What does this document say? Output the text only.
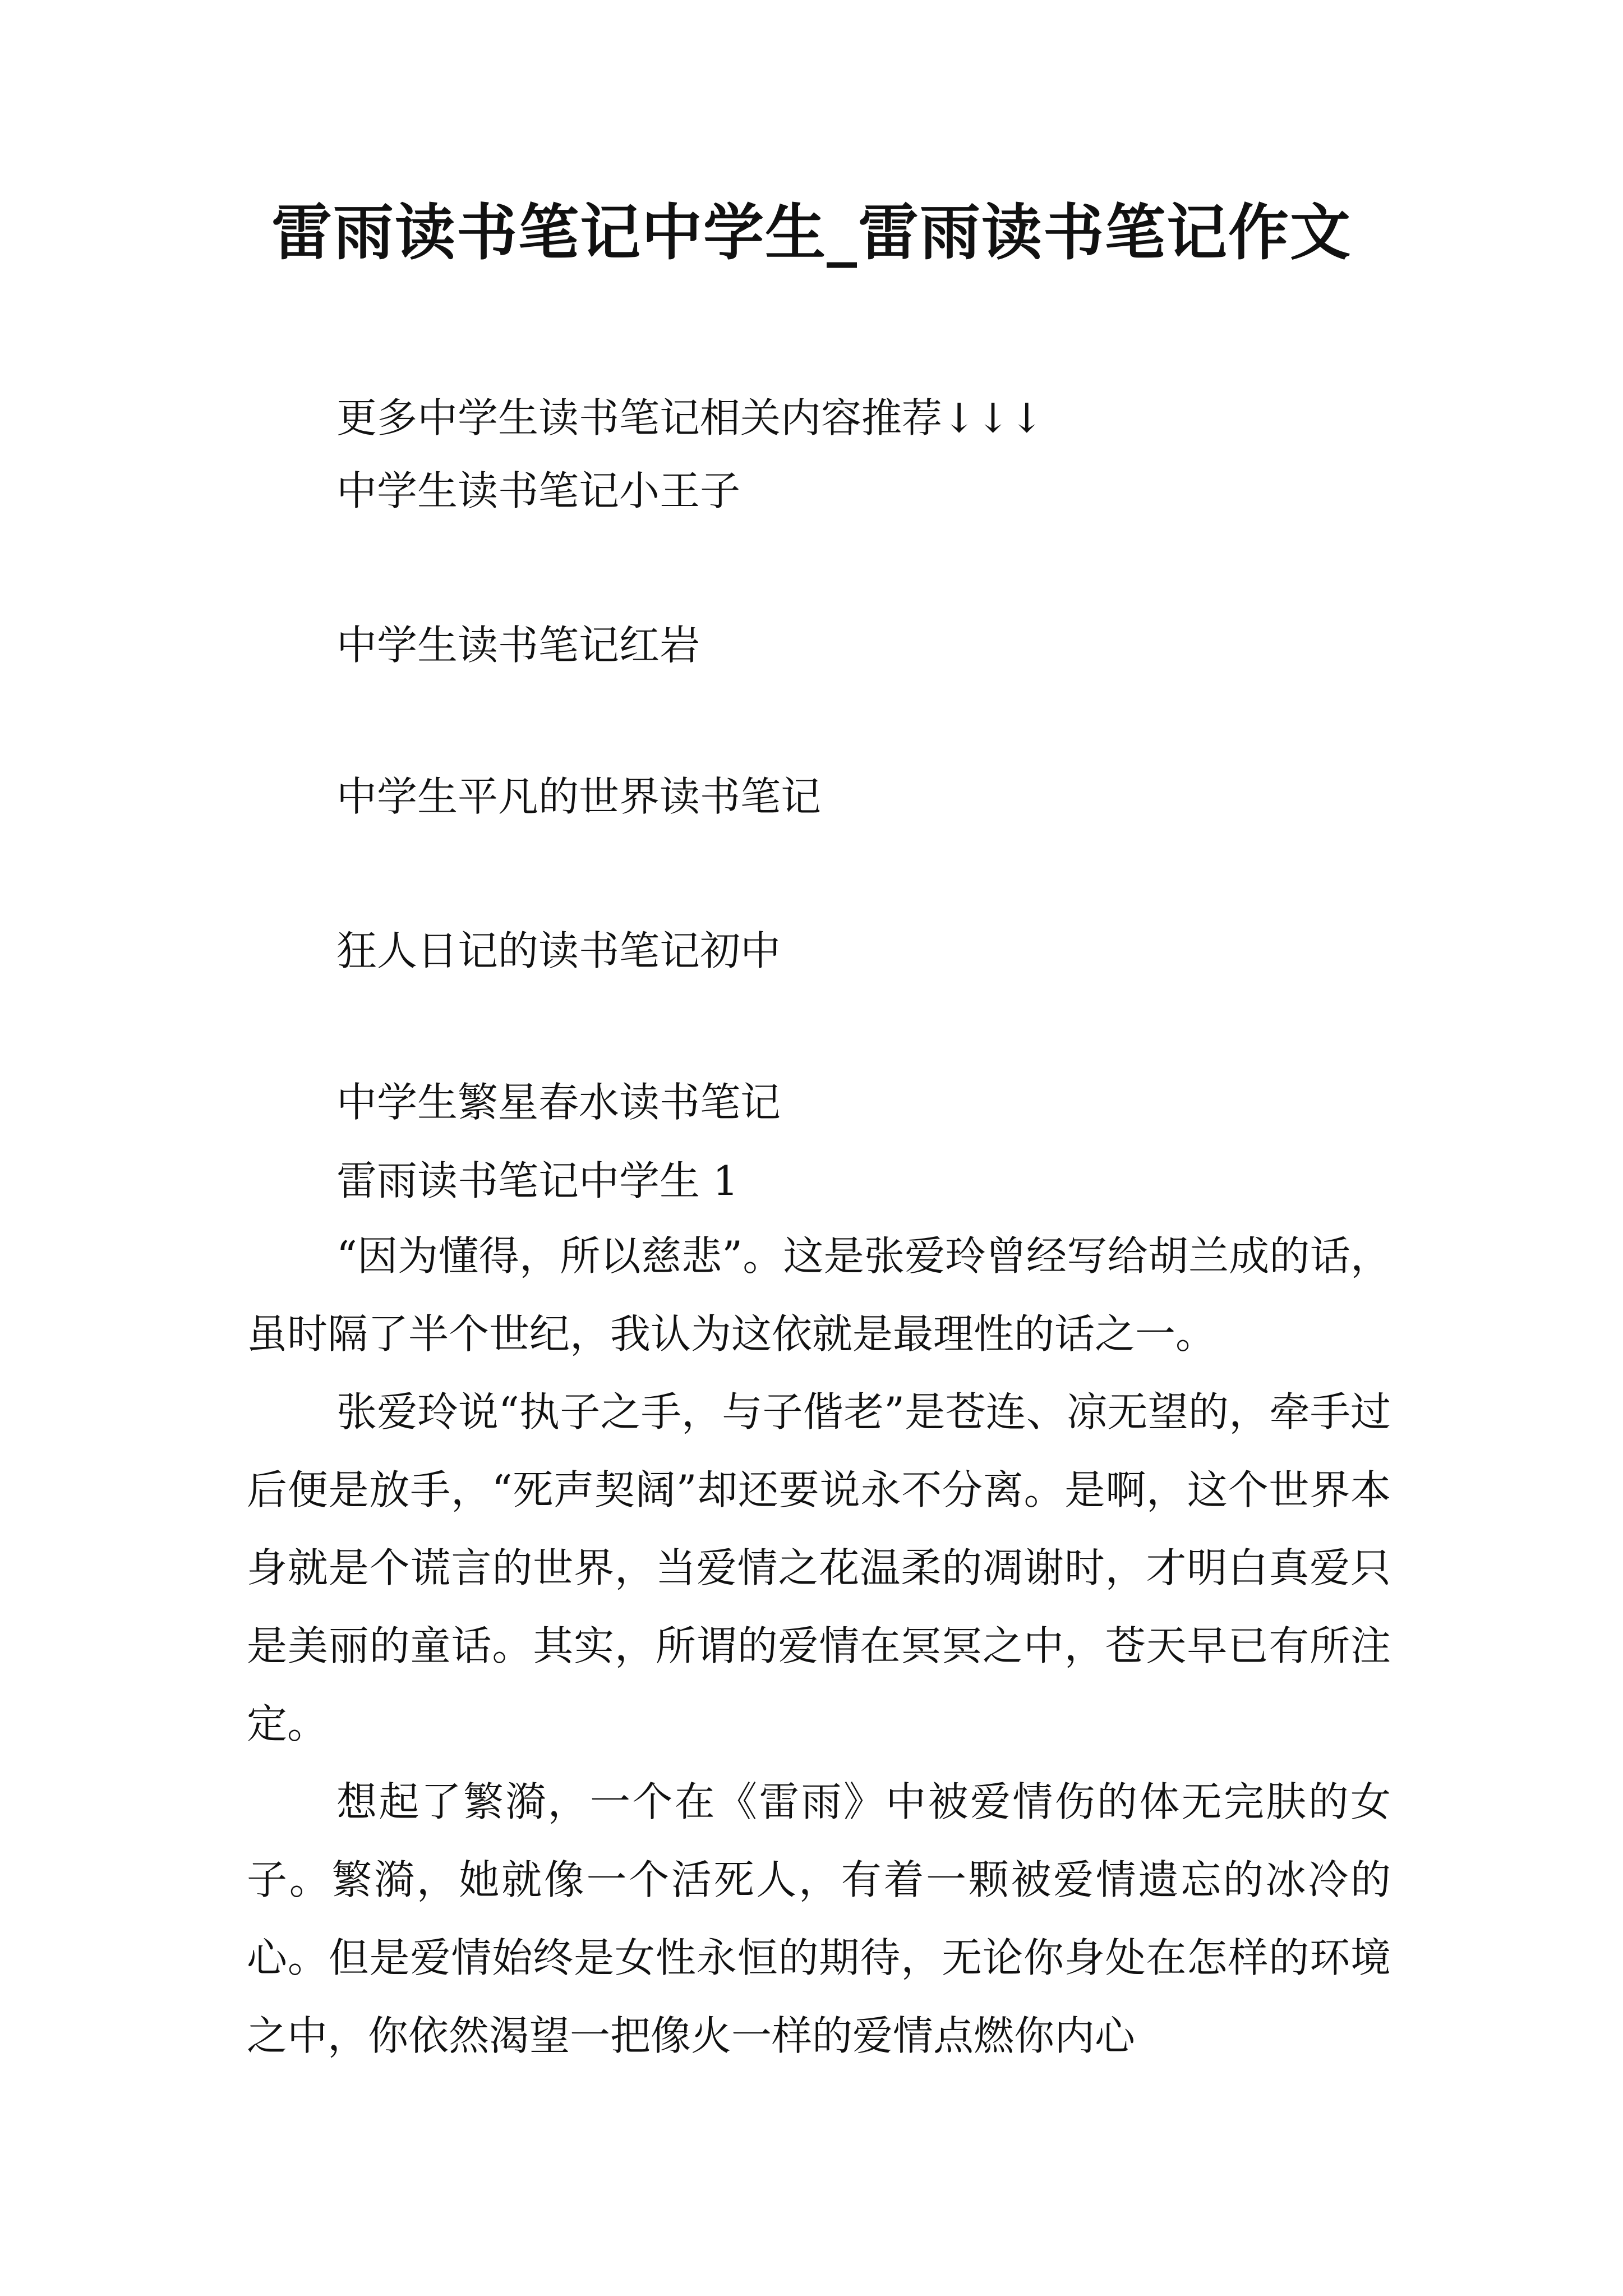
雷雨读书笔记中学生_雷雨读书笔记作文

更多中学生读书笔记相关内容推荐↓↓↓

中学生读书笔记小王子

中学生读书笔记红岩

中学生平凡的世界读书笔记

狂人日记的读书笔记初中

中学生繁星春水读书笔记

雷雨读书笔记中学生 1

“因为懂得，所以慈悲”。这是张爱玲曾经写给胡兰成的话，虽时隔了半个世纪，我认为这依就是最理性的话之一。

张爱玲说“执子之手，与子偕老”是苍连、凉无望的，牵手过后便是放手，“死声契阔”却还要说永不分离。是啊，这个世界本身就是个谎言的世界，当爱情之花温柔的凋谢时，才明白真爱只是美丽的童话。其实，所谓的爱情在冥冥之中，苍天早已有所注定。

想起了繁漪，一个在《雷雨》中被爱情伤的体无完肤的女子。繁漪，她就像一个活死人，有着一颗被爱情遗忘的冰冷的心。但是爱情始终是女性永恒的期待，无论你身处在怎样的环境之中，你依然渴望一把像火一样的爱情点燃你内心
